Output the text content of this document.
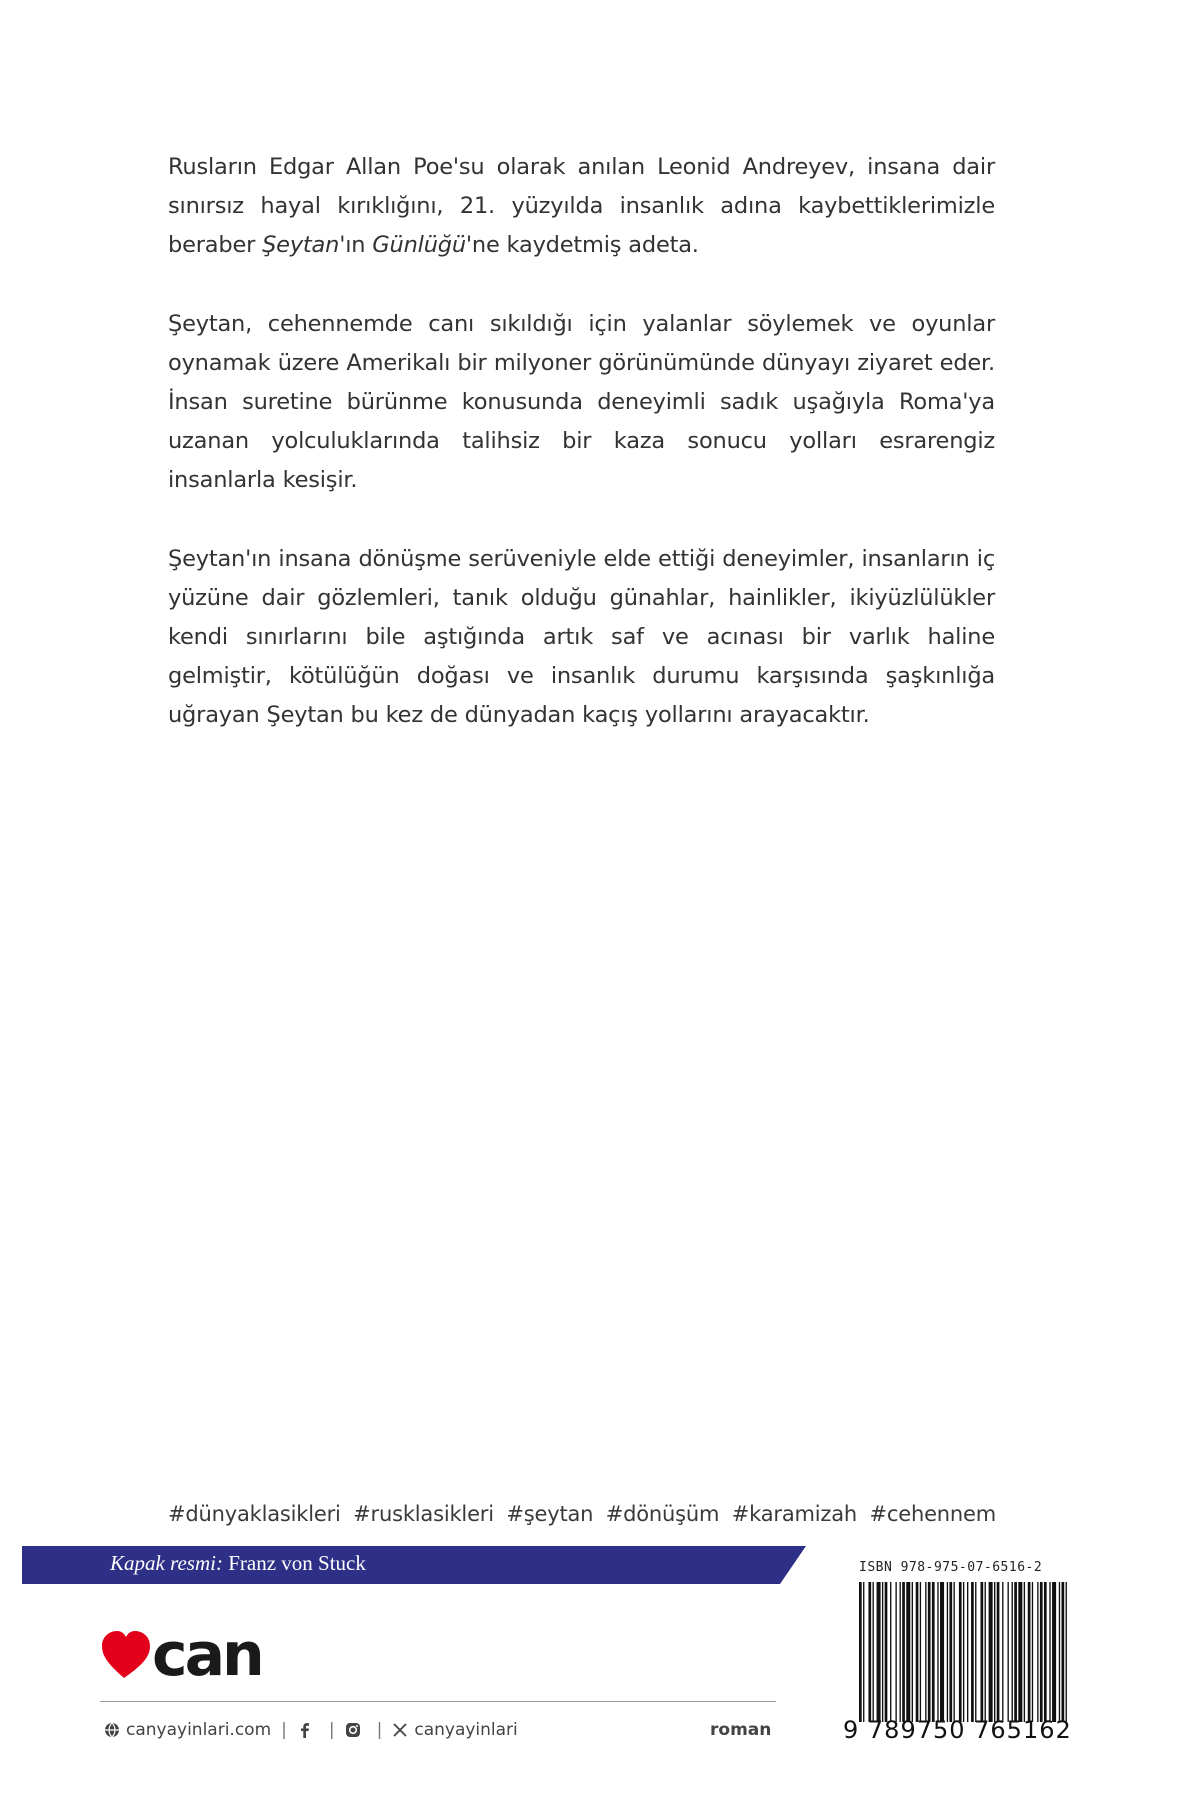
Rusların Edgar Allan Poe'su olarak anılan Leonid Andreyev, insana dair sınırsız hayal kırıklığını, 21. yüzyılda insanlık adına kaybettiklerimizle beraber Şeytan'ın Günlüğü'ne kaydetmiş adeta.

Şeytan, cehennemde canı sıkıldığı için yalanlar söylemek ve oyunlar oynamak üzere Amerikalı bir milyoner görünümünde dünyayı ziyaret eder. İnsan suretine bürünme konusunda deneyimli sadık uşağıyla Roma'ya uzanan yolculuklarında talihsiz bir kaza sonucu yolları esrarengiz insanlarla kesişir.

Şeytan'ın insana dönüşme serüveniyle elde ettiği deneyimler, insanların iç yüzüne dair gözlemleri, tanık olduğu günahlar, hainlikler, ikiyüzlülükler kendi sınırlarını bile aştığında artık saf ve acınası bir varlık haline gelmiştir, kötülüğün doğası ve insanlık durumu karşısında şaşkınlığa uğrayan Şeytan bu kez de dünyadan kaçış yollarını arayacaktır.

#dünyaklasikleri #rusklasikleri #şeytan #dönüşüm #karamizah #cehennem
Kapak resmi: Franz von Stuck
can
canyayinlari.com | | | canyayinlari	roman
ISBN 978-975-07-6516-2
9 789750 765162
